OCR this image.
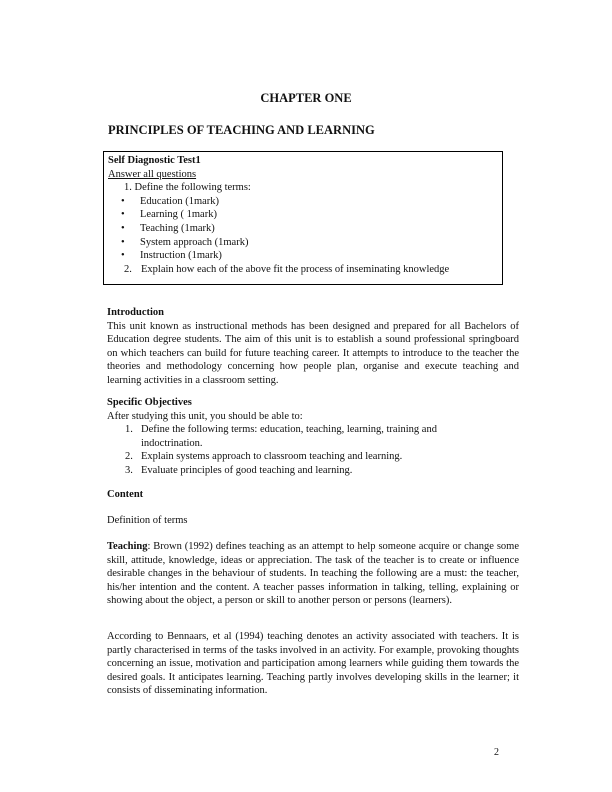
CHAPTER ONE
PRINCIPLES OF TEACHING AND LEARNING
Self Diagnostic Test1
Answer all questions
1. Define the following terms:
• Education (1mark)
• Learning ( 1mark)
• Teaching (1mark)
• System approach (1mark)
• Instruction (1mark)
2. Explain how each of the above fit the process of inseminating knowledge
Introduction

This unit known as instructional methods has been designed and prepared for all Bachelors of Education degree students. The aim of this unit is to establish a sound professional springboard on which teachers can build for future teaching career. It attempts to introduce to the teacher the theories and methodology concerning how people plan, organise and execute teaching and learning activities in a classroom setting.

Specific Objectives
After studying this unit, you should be able to:
1. Define the following terms: education, teaching, learning, training and indoctrination.
2. Explain systems approach to classroom teaching and learning.
3. Evaluate principles of good teaching and learning.
Content
Definition of terms

Teaching: Brown (1992) defines teaching as an attempt to help someone acquire or change some skill, attitude, knowledge, ideas or appreciation. The task of the teacher is to create or influence desirable changes in the behaviour of students. In teaching the following are a must: the teacher, his/her intention and the content. A teacher passes information in talking, telling, explaining or showing about the object, a person or skill to another person or persons (learners).

According to Bennaars, et al (1994) teaching denotes an activity associated with teachers. It is partly characterised in terms of the tasks involved in an activity. For example, provoking thoughts concerning an issue, motivation and participation among learners while guiding them towards the desired goals. It anticipates learning. Teaching partly involves developing skills in the learner; it consists of disseminating information.

2
